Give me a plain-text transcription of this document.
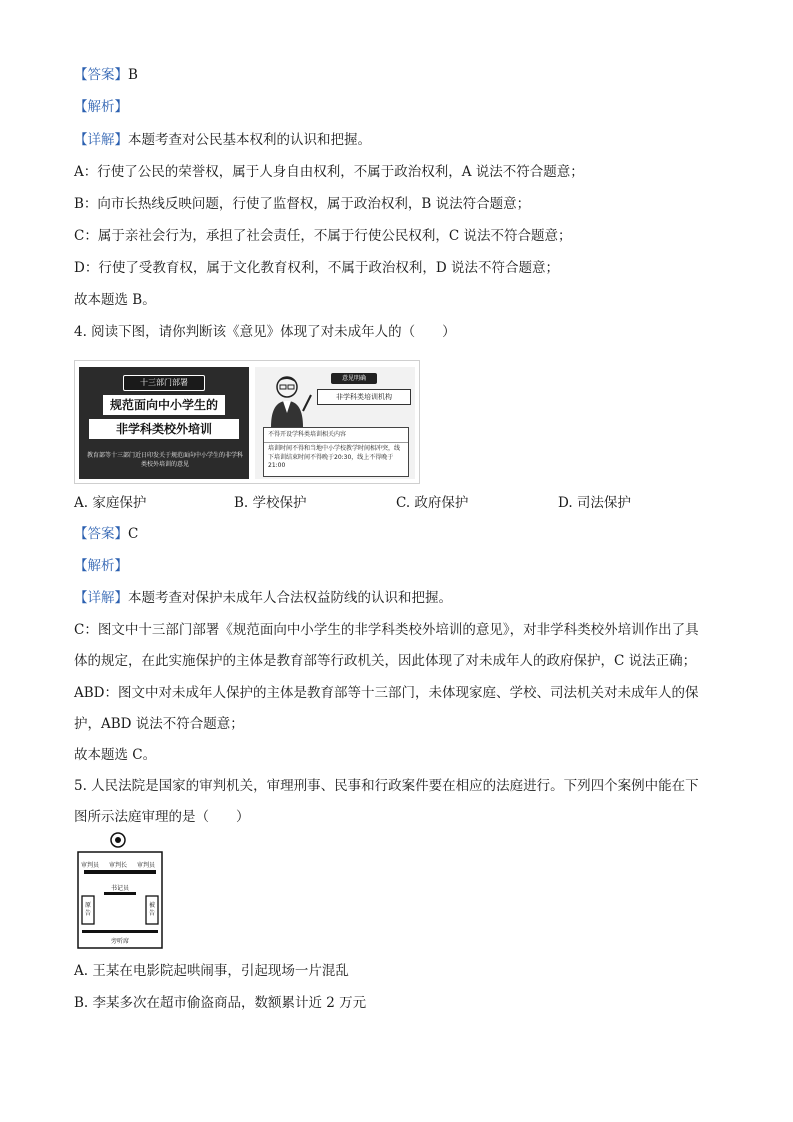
【答案】B
【解析】
【详解】本题考查对公民基本权利的认识和把握。
A：行使了公民的荣誉权，属于人身自由权利，不属于政治权利，A 说法不符合题意；
B：向市长热线反映问题，行使了监督权，属于政治权利，B 说法符合题意；
C：属于亲社会行为，承担了社会责任，不属于行使公民权利，C 说法不符合题意；
D：行使了受教育权，属于文化教育权利，不属于政治权利，D 说法不符合题意；
故本题选 B。
4. 阅读下图，请你判断该《意见》体现了对未成年人的（　　）
十三部门部署
规范面向中小学生的
非学科类校外培训
教育部等十三部门近日印发关于规范面向中小学生的非学科类校外培训的意见
意见明确
非学科类培训机构
不得开设学科类培训相关内容
培训时间不得和当地中小学校教学时间相冲突，线下培训结束时间不得晚于20:30，线上不得晚于21:00
A. 家庭保护	B. 学校保护	C. 政府保护	D. 司法保护
【答案】C
【解析】
【详解】本题考查对保护未成年人合法权益防线的认识和把握。
C：图文中十三部门部署《规范面向中小学生的非学科类校外培训的意见》，对非学科类校外培训作出了具
体的规定，在此实施保护的主体是教育部等行政机关，因此体现了对未成年人的政府保护，C 说法正确；
ABD：图文中对未成年人保护的主体是教育部等十三部门，未体现家庭、学校、司法机关对未成年人的保
护，ABD 说法不符合题意；
故本题选 C。
5. 人民法院是国家的审判机关，审理刑事、民事和行政案件要在相应的法庭进行。下列四个案例中能在下
图所示法庭审理的是（　　）
审判员	审判长	审判员
书记员
原告
被告
旁听席
A. 王某在电影院起哄闹事，引起现场一片混乱
B. 李某多次在超市偷盗商品，数额累计近 2 万元
